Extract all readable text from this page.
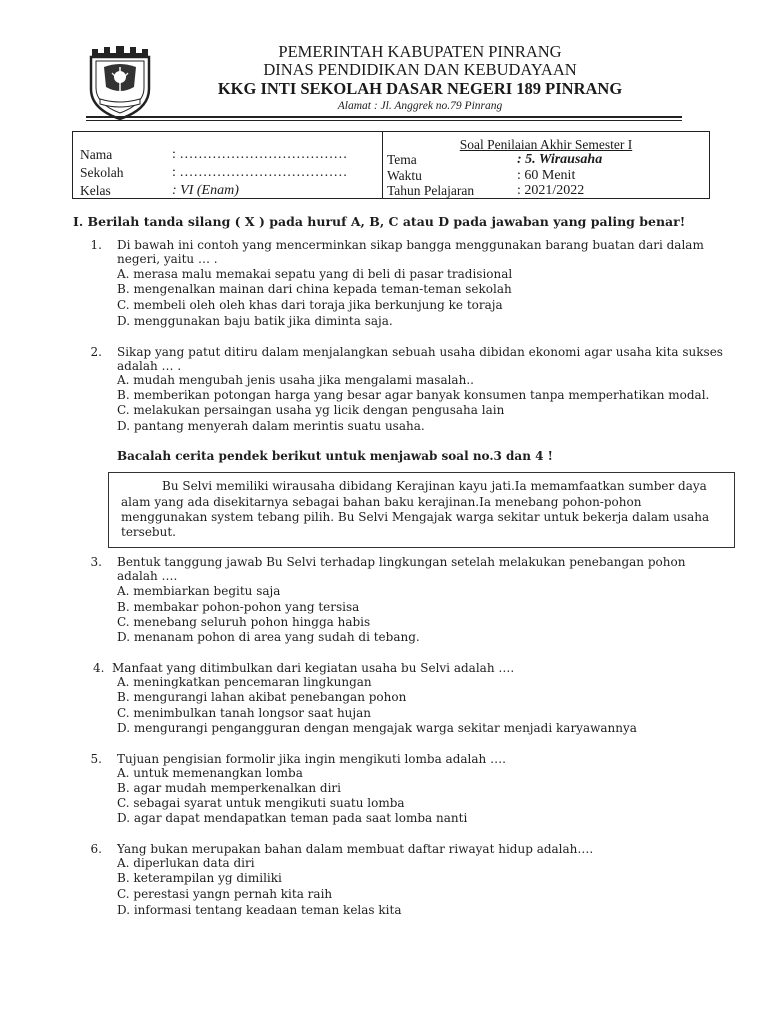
PEMERINTAH KABUPATEN PINRANG
DINAS PENDIDIKAN DAN KEBUDAYAAN
KKG INTI SEKOLAH DASAR NEGERI 189 PINRANG
Alamat : Jl. Anggrek no.79 Pinrang
Nama	: ………………………………
Sekolah	: ………………………………
Kelas	: VI (Enam)
Soal Penilaian Akhir Semester I
Tema	: 5. Wirausaha
Waktu	: 60 Menit
Tahun Pelajaran	: 2021/2022
I. Berilah tanda silang ( X ) pada huruf A, B, C atau D pada jawaban yang paling benar!
1. Di bawah ini contoh yang mencerminkan sikap bangga menggunakan barang buatan dari dalam
negeri, yaitu … .
A. merasa malu memakai sepatu yang di beli di pasar tradisional
B. mengenalkan mainan dari china kepada teman-teman sekolah
C. membeli oleh oleh khas dari toraja jika berkunjung ke toraja
D. menggunakan baju batik jika diminta saja.
2. Sikap yang patut ditiru dalam menjalangkan sebuah usaha dibidan ekonomi agar usaha kita sukses
adalah … .
A. mudah mengubah jenis usaha jika mengalami masalah..
B. memberikan potongan harga yang besar agar banyak konsumen tanpa memperhatikan modal.
C. melakukan persaingan usaha yg licik dengan pengusaha lain
D. pantang menyerah dalam merintis suatu usaha.
Bacalah cerita pendek berikut untuk menjawab soal no.3 dan 4 !
Bu Selvi memiliki wirausaha dibidang Kerajinan kayu jati.Ia memamfaatkan sumber daya
alam yang ada disekitarnya sebagai bahan baku kerajinan.Ia menebang pohon-pohon
menggunakan system tebang pilih. Bu Selvi Mengajak warga sekitar untuk bekerja dalam usaha
tersebut.
3. Bentuk tanggung jawab Bu Selvi terhadap lingkungan setelah melakukan penebangan pohon
adalah ….
A. membiarkan begitu saja
B. membakar pohon-pohon yang tersisa
C. menebang seluruh pohon hingga habis
D. menanam pohon di area yang sudah di tebang.
4. Manfaat yang ditimbulkan dari kegiatan usaha bu Selvi adalah ….
A. meningkatkan pencemaran lingkungan
B. mengurangi lahan akibat penebangan pohon
C. menimbulkan tanah longsor saat hujan
D. mengurangi pengangguran dengan mengajak warga sekitar menjadi karyawannya
5. Tujuan pengisian formolir jika ingin mengikuti lomba adalah ….
A. untuk memenangkan lomba
B. agar mudah memperkenalkan diri
C. sebagai syarat untuk mengikuti suatu lomba
D. agar dapat mendapatkan teman pada saat lomba nanti
6. Yang bukan merupakan bahan dalam membuat daftar riwayat hidup adalah….
A. diperlukan data diri
B. keterampilan yg dimiliki
C. perestasi yangn pernah kita raih
D. informasi tentang keadaan teman kelas kita
